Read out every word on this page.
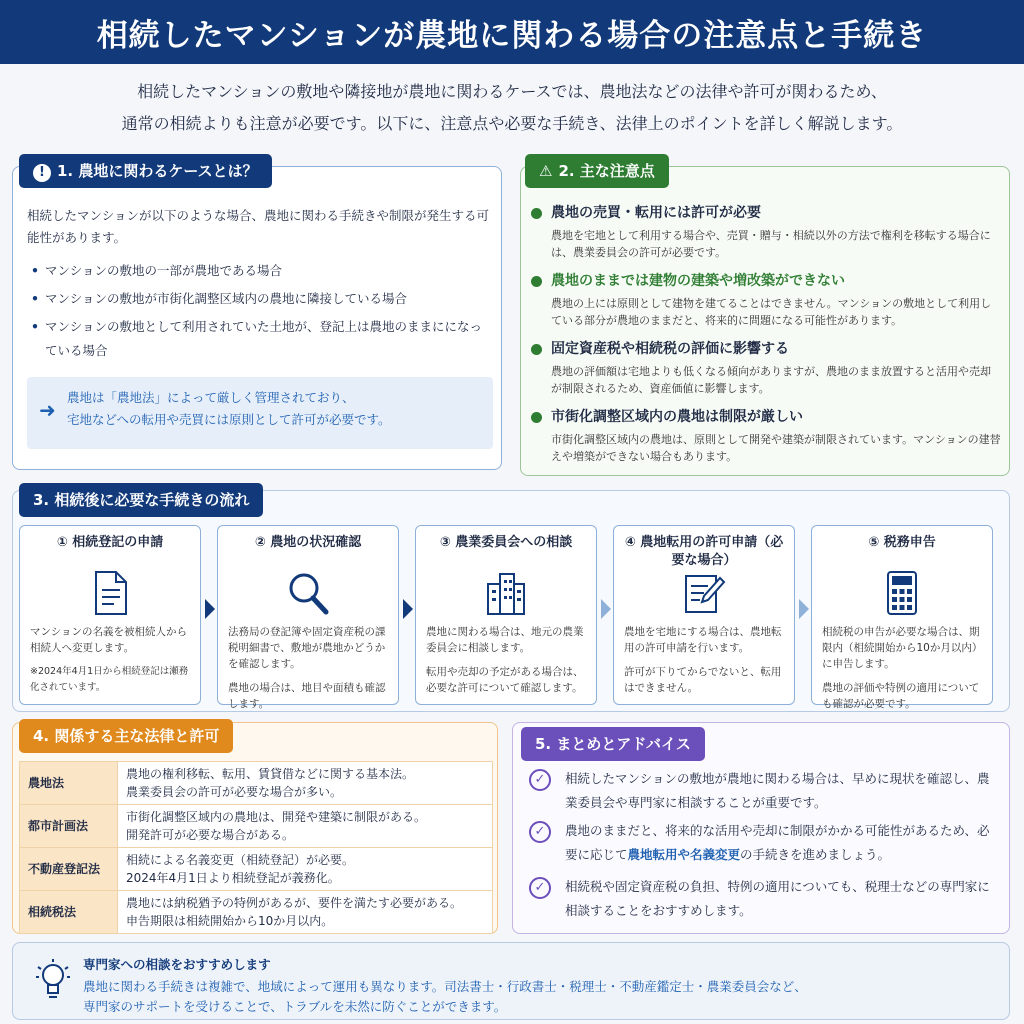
相続したマンションが農地に関わる場合の注意点と手続き
相続したマンションの敷地や隣接地が農地に関わるケースでは、農地法などの法律や許可が関わるため、
通常の相続よりも注意が必要です。以下に、注意点や必要な手続き、法律上のポイントを詳しく解説します。
! 1. 農地に関わるケースとは？
相続したマンションが以下のような場合、農地に関わる手続きや制限が発生する可能性があります。
• マンションの敷地の一部が農地である場合
• マンションの敷地が市街化調整区域内の農地に隣接している場合
• マンションの敷地として利用されていた土地が、登記上は農地のままにになっている場合
➜
農地は「農地法」によって厳しく管理されており、
宅地などへの転用や売買には原則として許可が必要です。
⚠ 2. 主な注意点
農地の売買・転用には許可が必要
農地を宅地として利用する場合や、売買・贈与・相続以外の方法で権利を移転する場合には、農業委員会の許可が必要です。
農地のままでは建物の建築や増改築ができない
農地の上には原則として建物を建てることはできません。マンションの敷地として利用している部分が農地のままだと、将来的に問題になる可能性があります。
固定資産税や相続税の評価に影響する
農地の評価額は宅地よりも低くなる傾向がありますが、農地のまま放置すると活用や売却が制限されるため、資産価値に影響します。
市街化調整区域内の農地は制限が厳しい
市街化調整区域内の農地は、原則として開発や建築が制限されています。マンションの建替えや増築ができない場合もあります。
3. 相続後に必要な手続きの流れ
① 相続登記の申請
マンションの名義を被相続人から相続人へ変更します。
※2024年4月1日から相続登記は瀬務化されています。
② 農地の状況確認
法務局の登記簿や固定資産税の課税明細書で、敷地が農地かどうかを確認します。
農地の場合は、地目や面積も確認します。
③ 農業委員会への相談
農地に関わる場合は、地元の農業委員会に相談します。
転用や売却の予定がある場合は、必要な許可について確認します。
④ 農地転用の許可申請（必要な場合）
農地を宅地にする場合は、農地転用の許可申請を行います。
許可が下りてからでないと、転用はできません。
⑤ 税務申告
相続税の申告が必要な場合は、期限内（相続開始から10か月以内）に申告します。
農地の評価や特例の適用についても確認が必要です。
4. 関係する主な法律と許可
農地法	農地の権利移転、転用、賃貸借などに関する基本法。
農業委員会の許可が必要な場合が多い。

都市計画法	市街化調整区域内の農地は、開発や建築に制限がある。
開発許可が必要な場合がある。

不動産登記法	相続による名義変更（相続登記）が必要。
2024年4月1日より相続登記が義務化。

相続税法	農地には納税猶予の特例があるが、要件を満たす必要がある。
申告期限は相続開始から10か月以内。
5. まとめとアドバイス
✓	相続したマンションの敷地が農地に関わる場合は、早めに現状を確認し、農業委員会や専門家に相談することが重要です。
✓	農地のままだと、将来的な活用や売却に制限がかかる可能性があるため、必要に応じて農地転用や名義変更の手続きを進めましょう。
✓	相続税や固定資産税の負担、特例の適用についても、税理士などの専門家に相談することをおすすめします。
専門家への相談をおすすめします
農地に関わる手続きは複雑で、地域によって運用も異なります。司法書士・行政書士・税理士・不動産鑑定士・農業委員会など、
専門家のサポートを受けることで、トラブルを未然に防ぐことができます。
